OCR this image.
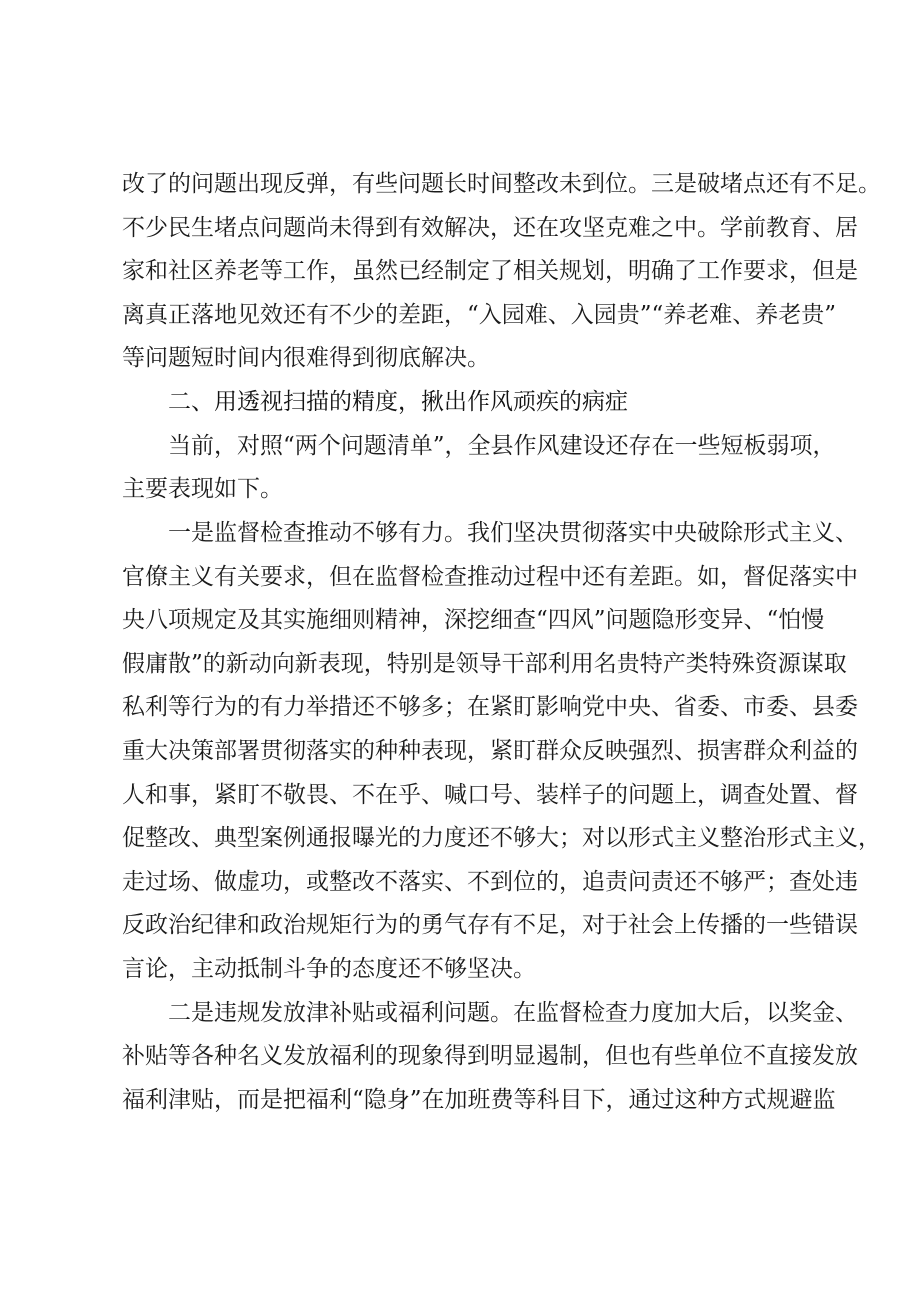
改了的问题出现反弹，有些问题长时间整改未到位。三是破堵点还有不足。
不少民生堵点问题尚未得到有效解决，还在攻坚克难之中。学前教育、居
家和社区养老等工作，虽然已经制定了相关规划，明确了工作要求，但是
离真正落地见效还有不少的差距，“入园难、入园贵”“养老难、养老贵”
等问题短时间内很难得到彻底解决。
二、用透视扫描的精度，揪出作风顽疾的病症
当前，对照“两个问题清单”，全县作风建设还存在一些短板弱项，
主要表现如下。
一是监督检查推动不够有力。我们坚决贯彻落实中央破除形式主义、
官僚主义有关要求，但在监督检查推动过程中还有差距。如，督促落实中
央八项规定及其实施细则精神，深挖细查“四风”问题隐形变异、“怕慢
假庸散”的新动向新表现，特别是领导干部利用名贵特产类特殊资源谋取
私利等行为的有力举措还不够多；在紧盯影响党中央、省委、市委、县委
重大决策部署贯彻落实的种种表现，紧盯群众反映强烈、损害群众利益的
人和事，紧盯不敬畏、不在乎、喊口号、装样子的问题上，调查处置、督
促整改、典型案例通报曝光的力度还不够大；对以形式主义整治形式主义，
走过场、做虚功，或整改不落实、不到位的，追责问责还不够严；查处违
反政治纪律和政治规矩行为的勇气存有不足，对于社会上传播的一些错误
言论，主动抵制斗争的态度还不够坚决。
二是违规发放津补贴或福利问题。在监督检查力度加大后，以奖金、
补贴等各种名义发放福利的现象得到明显遏制，但也有些单位不直接发放
福利津贴，而是把福利“隐身”在加班费等科目下，通过这种方式规避监
